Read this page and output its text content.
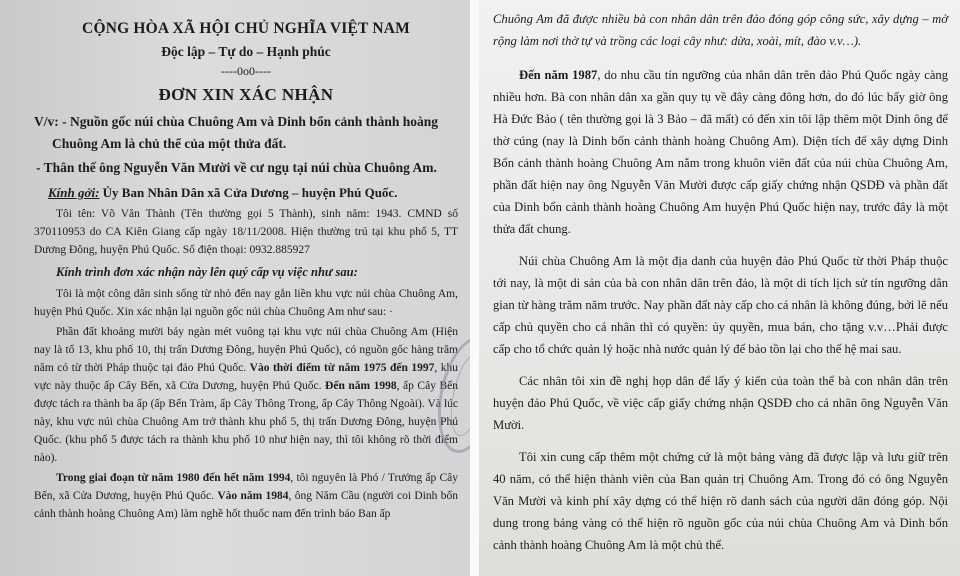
CỘNG HÒA XÃ HỘI CHỦ NGHĨA VIỆT NAM
Độc lập – Tự do – Hạnh phúc
----0o0----
ĐƠN XIN XÁC NHẬN

V/v: - Nguồn gốc núi chùa Chuông Am và Dinh bổn cảnh thành hoàng Chuông Am là chủ thể của một thửa đất.

- Thân thế ông Nguyễn Văn Mười về cư ngụ tại núi chùa Chuông Am.

Kính gởi: Ủy Ban Nhân Dân xã Cửa Dương – huyện Phú Quốc.

Tôi tên: Võ Văn Thành (Tên thường gọi 5 Thành), sinh năm: 1943. CMND số 370110953 do CA Kiên Giang cấp ngày 18/11/2008. Hiện thường trú tại khu phố 5, TT Dương Đông, huyện Phú Quốc. Số điện thoại: 0932.885927

Kính trình đơn xác nhận này lên quý cấp vụ việc như sau:

Tôi là một công dân sinh sống từ nhỏ đến nay gắn liền khu vực núi chùa Chuông Am, huyện Phú Quốc. Xin xác nhận lại nguồn gốc núi chùa Chuông Am như sau: ·

Phần đất khoảng mười bảy ngàn mét vuông tại khu vực núi chùa Chuông Am (Hiện nay là tổ 13, khu phố 10, thị trấn Dương Đông, huyện Phú Quốc), có nguồn gốc hàng trăm năm có từ thời Pháp thuộc tại đảo Phú Quốc. Vào thời điểm từ năm 1975 đến 1997, khu vực này thuộc ấp Cây Bến, xã Cửa Dương, huyện Phú Quốc. Đến năm 1998, ấp Cây Bến được tách ra thành ba ấp (ấp Bến Tràm, ấp Cây Thông Trong, ấp Cây Thông Ngoài). Và lúc này, khu vực núi chùa Chuông Am trở thành khu phố 5, thị trấn Dương Đông, huyện Phú Quốc. (khu phố 5 được tách ra thành khu phố 10 như hiện nay, thì tôi không rõ thời điểm nào).

Trong giai đoạn từ năm 1980 đến hết năm 1994, tôi nguyên là Phó / Trưởng ấp Cây Bến, xã Cửa Dương, huyện Phú Quốc. Vào năm 1984, ông Năm Cầu (người coi Dinh bổn cảnh thành hoàng Chuông Am) làm nghề hốt thuốc nam đến trình báo Ban ấp

Chuông Am đã được nhiều bà con nhân dân trên đảo đóng góp công sức, xây dựng – mở rộng làm nơi thờ tự và trồng các loại cây như: dừa, xoài, mít, đào v.v…).

Đến năm 1987, do nhu cầu tín ngưỡng của nhân dân trên đảo Phú Quốc ngày càng nhiều hơn. Bà con nhân dân xa gần quy tụ về đây càng đông hơn, do đó lúc bấy giờ ông Hà Đức Bảo ( tên thường gọi là 3 Bảo – đã mất) có đến xin tôi lập thêm một Dinh ông để thờ cúng (nay là Dinh bổn cảnh thành hoàng Chuông Am). Diện tích để xây dựng Dinh Bổn cảnh thành hoàng Chuông Am nằm trong khuôn viên đất của núi chùa Chuông Am, phần đất hiện nay ông Nguyễn Văn Mười được cấp giấy chứng nhận QSDĐ và phần đất của Dinh bổn cảnh thành hoàng Chuông Am huyện Phú Quốc hiện nay, trước đây là một thửa đất chung.

Núi chùa Chuông Am là một địa danh của huyện đảo Phú Quốc từ thời Pháp thuộc tới nay, là một di sản của bà con nhân dân trên đảo, là một di tích lịch sử tín ngưỡng dân gian từ hàng trăm năm trước. Nay phần đất này cấp cho cá nhân là không đúng, bởi lẽ nếu cấp chủ quyền cho cá nhân thì có quyền: ủy quyền, mua bán, cho tặng v.v…Phải được cấp cho tổ chức quản lý hoặc nhà nước quản lý để bảo tồn lại cho thế hệ mai sau.

Các nhân tôi xin đề nghị họp dân để lấy ý kiến của toàn thể bà con nhân dân trên huyện đảo Phú Quốc, về việc cấp giấy chứng nhận QSDĐ cho cá nhân ông Nguyễn Văn Mười.

Tôi xin cung cấp thêm một chứng cứ là một bảng vàng đã được lập và lưu giữ trên 40 năm, có thể hiện thành viên của Ban quản trị Chuông Am. Trong đó có ông Nguyễn Văn Mười và kinh phí xây dựng có thể hiện rõ danh sách của người dân đóng góp. Nội dung trong bảng vàng có thể hiện rõ nguồn gốc của núi chùa Chuông Am và Dinh bổn cảnh thành hoàng Chuông Am là một chủ thể.
